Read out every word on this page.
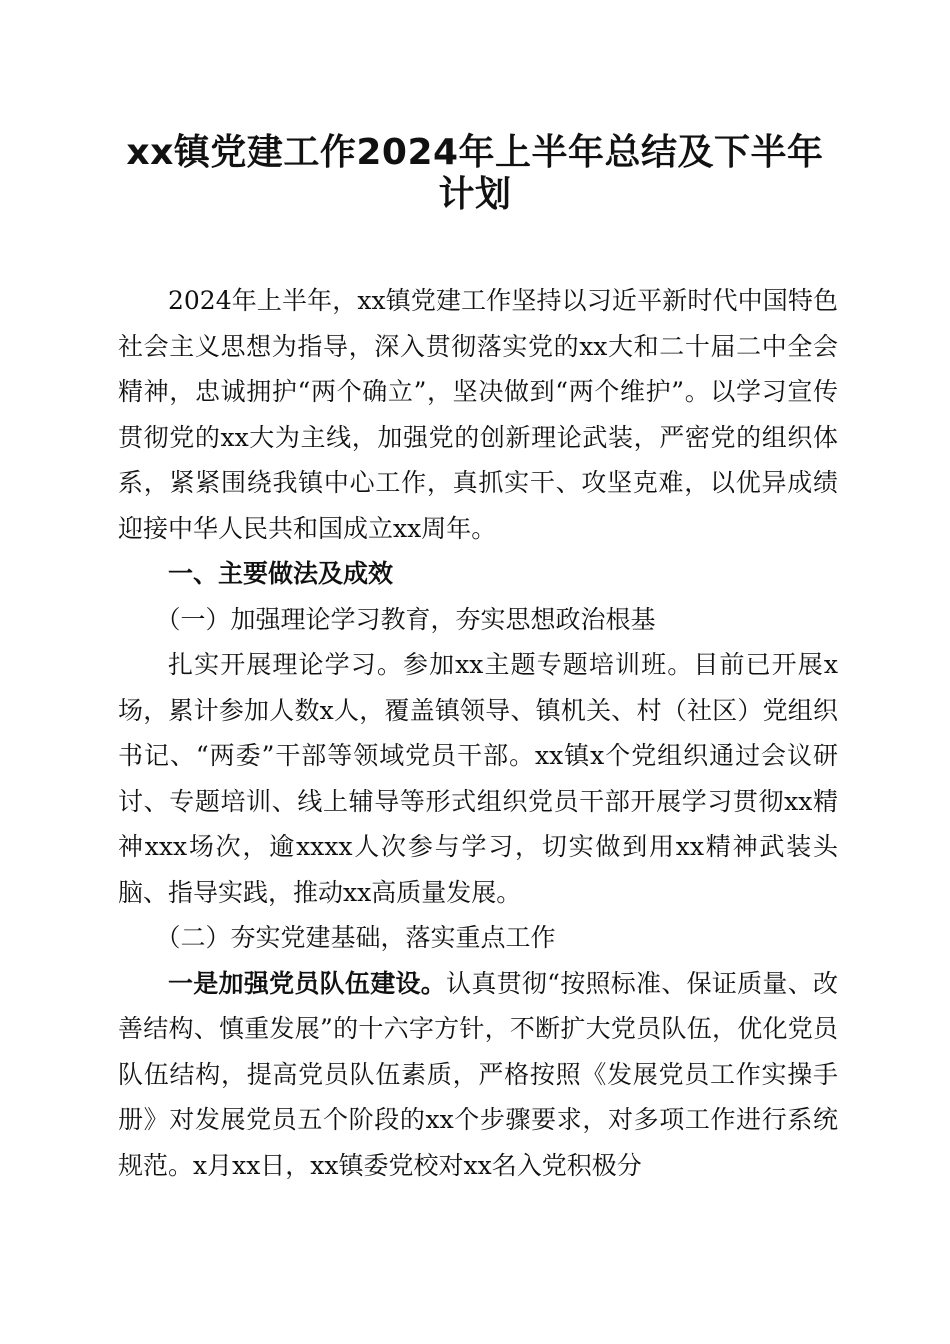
xx镇党建工作2024年上半年总结及下半年计划

2024年上半年，xx镇党建工作坚持以习近平新时代中国特色社会主义思想为指导，深入贯彻落实党的xx大和二十届二中全会精神，忠诚拥护“两个确立”，坚决做到“两个维护”。以学习宣传贯彻党的xx大为主线，加强党的创新理论武装，严密党的组织体系，紧紧围绕我镇中心工作，真抓实干、攻坚克难，以优异成绩迎接中华人民共和国成立xx周年。

一、主要做法及成效

（一）加强理论学习教育，夯实思想政治根基

扎实开展理论学习。参加xx主题专题培训班。目前已开展x场，累计参加人数x人，覆盖镇领导、镇机关、村（社区）党组织书记、“两委”干部等领域党员干部。xx镇x个党组织通过会议研讨、专题培训、线上辅导等形式组织党员干部开展学习贯彻xx精神xxx场次，逾xxxx人次参与学习，切实做到用xx精神武装头脑、指导实践，推动xx高质量发展。

（二）夯实党建基础，落实重点工作

一是加强党员队伍建设。认真贯彻“按照标准、保证质量、改善结构、慎重发展”的十六字方针，不断扩大党员队伍，优化党员队伍结构，提高党员队伍素质，严格按照《发展党员工作实操手册》对发展党员五个阶段的xx个步骤要求，对多项工作进行系统规范。x月xx日，xx镇委党校对xx名入党积极分
